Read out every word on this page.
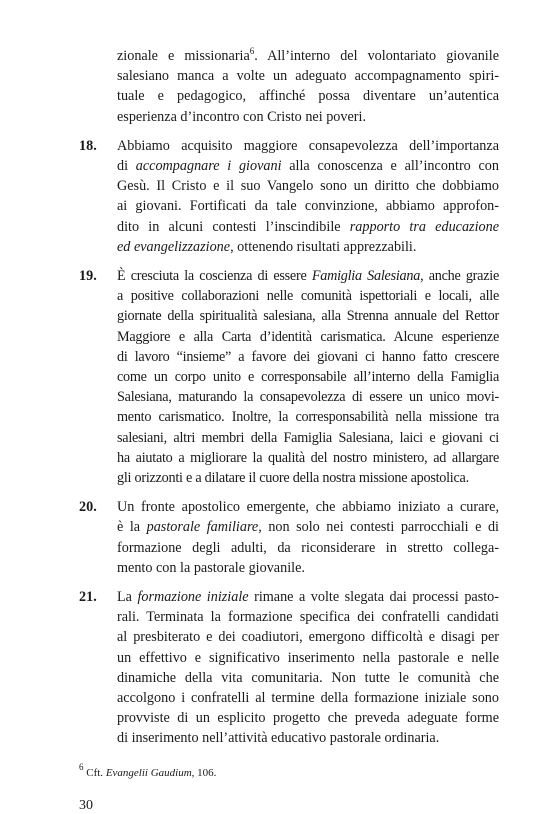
zionale e missionaria$^6$. All’interno del volontariato giovanile
salesiano manca a volte un adeguato accompagnamento spiri-
tuale e pedagogico, affinché possa diventare un’autentica
esperienza d’incontro con Cristo nei poveri.
18. Abbiamo acquisito maggiore consapevolezza dell’importanza
di accompagnare i giovani alla conoscenza e all’incontro con
Gesù. Il Cristo e il suo Vangelo sono un diritto che dobbiamo
ai giovani. Fortificati da tale convinzione, abbiamo approfon-
dito in alcuni contesti l’inscindibile rapporto tra educazione
ed evangelizzazione, ottenendo risultati apprezzabili.
19. È cresciuta la coscienza di essere Famiglia Salesiana, anche grazie
a positive collaborazioni nelle comunità ispettoriali e locali, alle
giornate della spiritualità salesiana, alla Strenna annuale del Rettor
Maggiore e alla Carta d’identità carismatica. Alcune esperienze
di lavoro “insieme” a favore dei giovani ci hanno fatto crescere
come un corpo unito e corresponsabile all’interno della Famiglia
Salesiana, maturando la consapevolezza di essere un unico movi-
mento carismatico. Inoltre, la corresponsabilità nella missione tra
salesiani, altri membri della Famiglia Salesiana, laici e giovani ci
ha aiutato a migliorare la qualità del nostro ministero, ad allargare
gli orizzonti e a dilatare il cuore della nostra missione apostolica.
20. Un fronte apostolico emergente, che abbiamo iniziato a curare,
è la pastorale familiare, non solo nei contesti parrocchiali e di
formazione degli adulti, da riconsiderare in stretto collega-
mento con la pastorale giovanile.
21. La formazione iniziale rimane a volte slegata dai processi pasto-
rali. Terminata la formazione specifica dei confratelli candidati
al presbiterato e dei coadiutori, emergono difficoltà e disagi per
un effettivo e significativo inserimento nella pastorale e nelle
dinamiche della vita comunitaria. Non tutte le comunità che
accolgono i confratelli al termine della formazione iniziale sono
provviste di un esplicito progetto che preveda adeguate forme
di inserimento nell’attività educativo pastorale ordinaria.
$^6$ Cft. Evangelii Gaudium, 106.
30
